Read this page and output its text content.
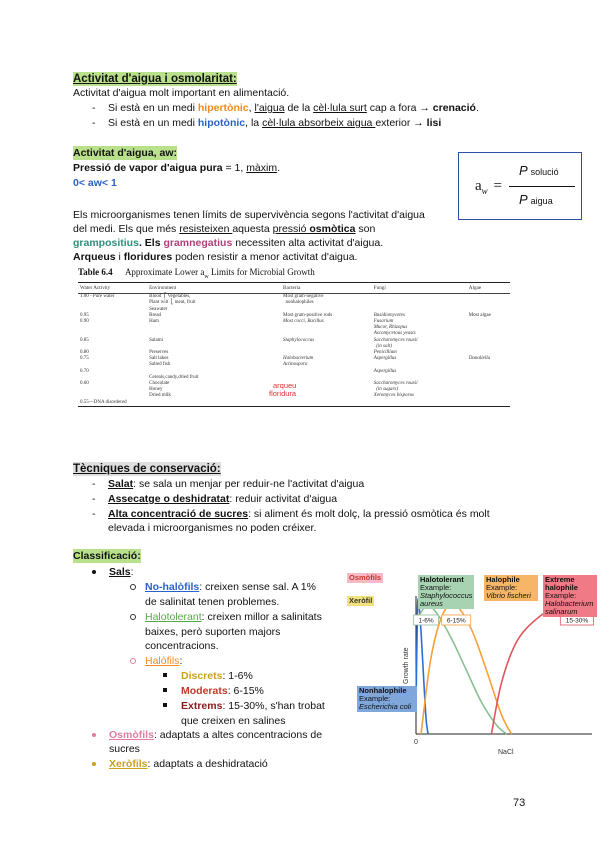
Activitat d'aigua i osmolaritat:
Activitat d'aigua molt important en alimentació.
- Si està en un medi hipertònic, l'aigua de la cèl·lula surt cap a fora → crenació.
- Si està en un medi hipotònic, la cèl·lula absorbeix aigua exterior → lisi
Activitat d'aigua, aw:
Pressió de vapor d'aigua pura = 1, màxim.
0< aw< 1	$a_w$ =
P solució
P aigua
Els microorganismes tenen límits de supervivència segons l'activitat d'aigua
del medi. Els que més resisteixen aquesta pressió osmòtica son
grampositius. Els gramnegatius necessiten alta activitat d'aigua.
Arqueus i floridures poden resistir a menor activitat d'aigua.
Table 6.4 Approximate Lower $a_w$ Limits for Microbial Growth
Water Activity	Environment	Bacteria	Fungi	Algae
1.00 - Pure water	Blood  ⎡ Vegetables,
Plant wilt  ⎣ meat, fruit
Seawater	Most gram-negative
nonhalophiles		
0.95	Bread	Most gram-positive rods	Basidiomycetes	Most algae
0.90	Ham	Most cocci, Bacillus	Fusarium
Mucor, Rhizopus
Ascomycetous yeasts	
0.85	Salami	Staphylococcus	Saccharomyces rouxii
(in salt)	
0.80	Preserves		Penicillium	
0.75	Salt lakes
Salted fish	Halobacterium
Actinospora	Aspergillus	Dunaliella
0.70			Aspergillus	
	Cereals,candy,dried fruit			
0.60	Chocolate
Honey
Dried milk		Saccharomyces rouxii
(in sugars)
Xeromyces bisporus	
0.55—DNA disordered				
arqueu
floridura
Tècniques de conservació:
- Salat: se sala un menjar per reduir-ne l'activitat d'aigua
- Assecatge o deshidratat: reduir activitat d'aigua
- Alta concentració de sucres: si aliment és molt dolç, la pressió osmòtica és molt
elevada i microorganismes no poden créixer.
Classificació:
Sals:
No-halòfils: creixen sense sal. A 1%
de salinitat tenen problemes.
Halotolerant: creixen millor a salinitats
baixes, però suporten majors
concentracions.
Halòfils:
Discrets: 1-6%
Moderats: 6-15%
Extrems: 15-30%, s'han trobat
que creixen en salines
Osmòfils: adaptats a altes concentracions de
sucres
Xeròfils: adaptats a deshidratació
Osmòfils
Xeròfil
Growth rate
NaCl
0
1-6% 6-15%	15-30%
Halotolerant
Example:
Staphylococcus aureus
Halophile
Example:
Vibrio fischeri
Extreme halophile
Example:
Halobacterium salinarum
Nonhalophile
Example:
Escherichia coli
73
